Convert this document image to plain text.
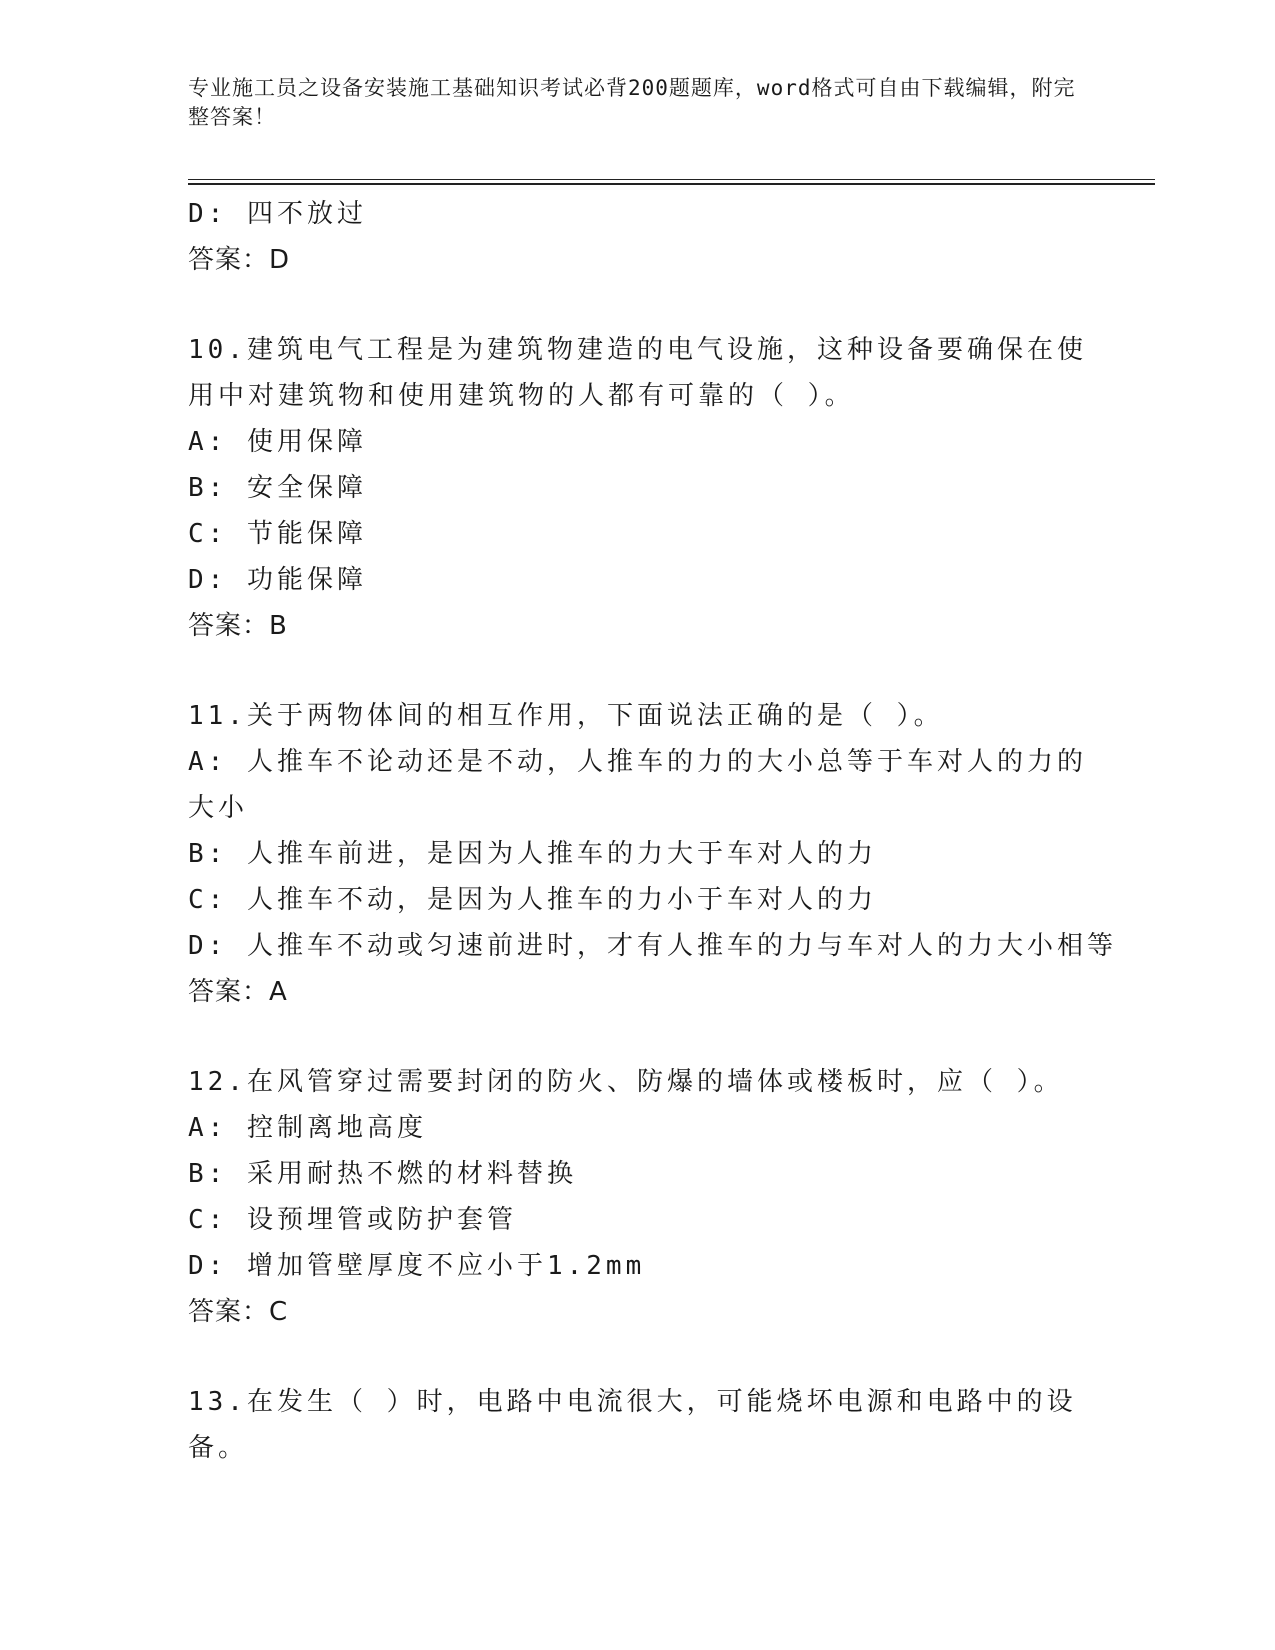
专业施工员之设备安装施工基础知识考试必背200题题库，word格式可自由下载编辑，附完整答案！
D: 四不放过
答案：D
10.建筑电气工程是为建筑物建造的电气设施，这种设备要确保在使用中对建筑物和使用建筑物的人都有可靠的（ ）。
A: 使用保障
B: 安全保障
C: 节能保障
D: 功能保障
答案：B
11.关于两物体间的相互作用，下面说法正确的是（ ）。
A: 人推车不论动还是不动，人推车的力的大小总等于车对人的力的大小
B: 人推车前进，是因为人推车的力大于车对人的力
C: 人推车不动，是因为人推车的力小于车对人的力
D: 人推车不动或匀速前进时，才有人推车的力与车对人的力大小相等
答案：A
12.在风管穿过需要封闭的防火、防爆的墙体或楼板时，应（ ）。
A: 控制离地高度
B: 采用耐热不燃的材料替换
C: 设预埋管或防护套管
D: 增加管壁厚度不应小于1.2mm
答案：C
13.在发生（ ）时，电路中电流很大，可能烧坏电源和电路中的设备。
